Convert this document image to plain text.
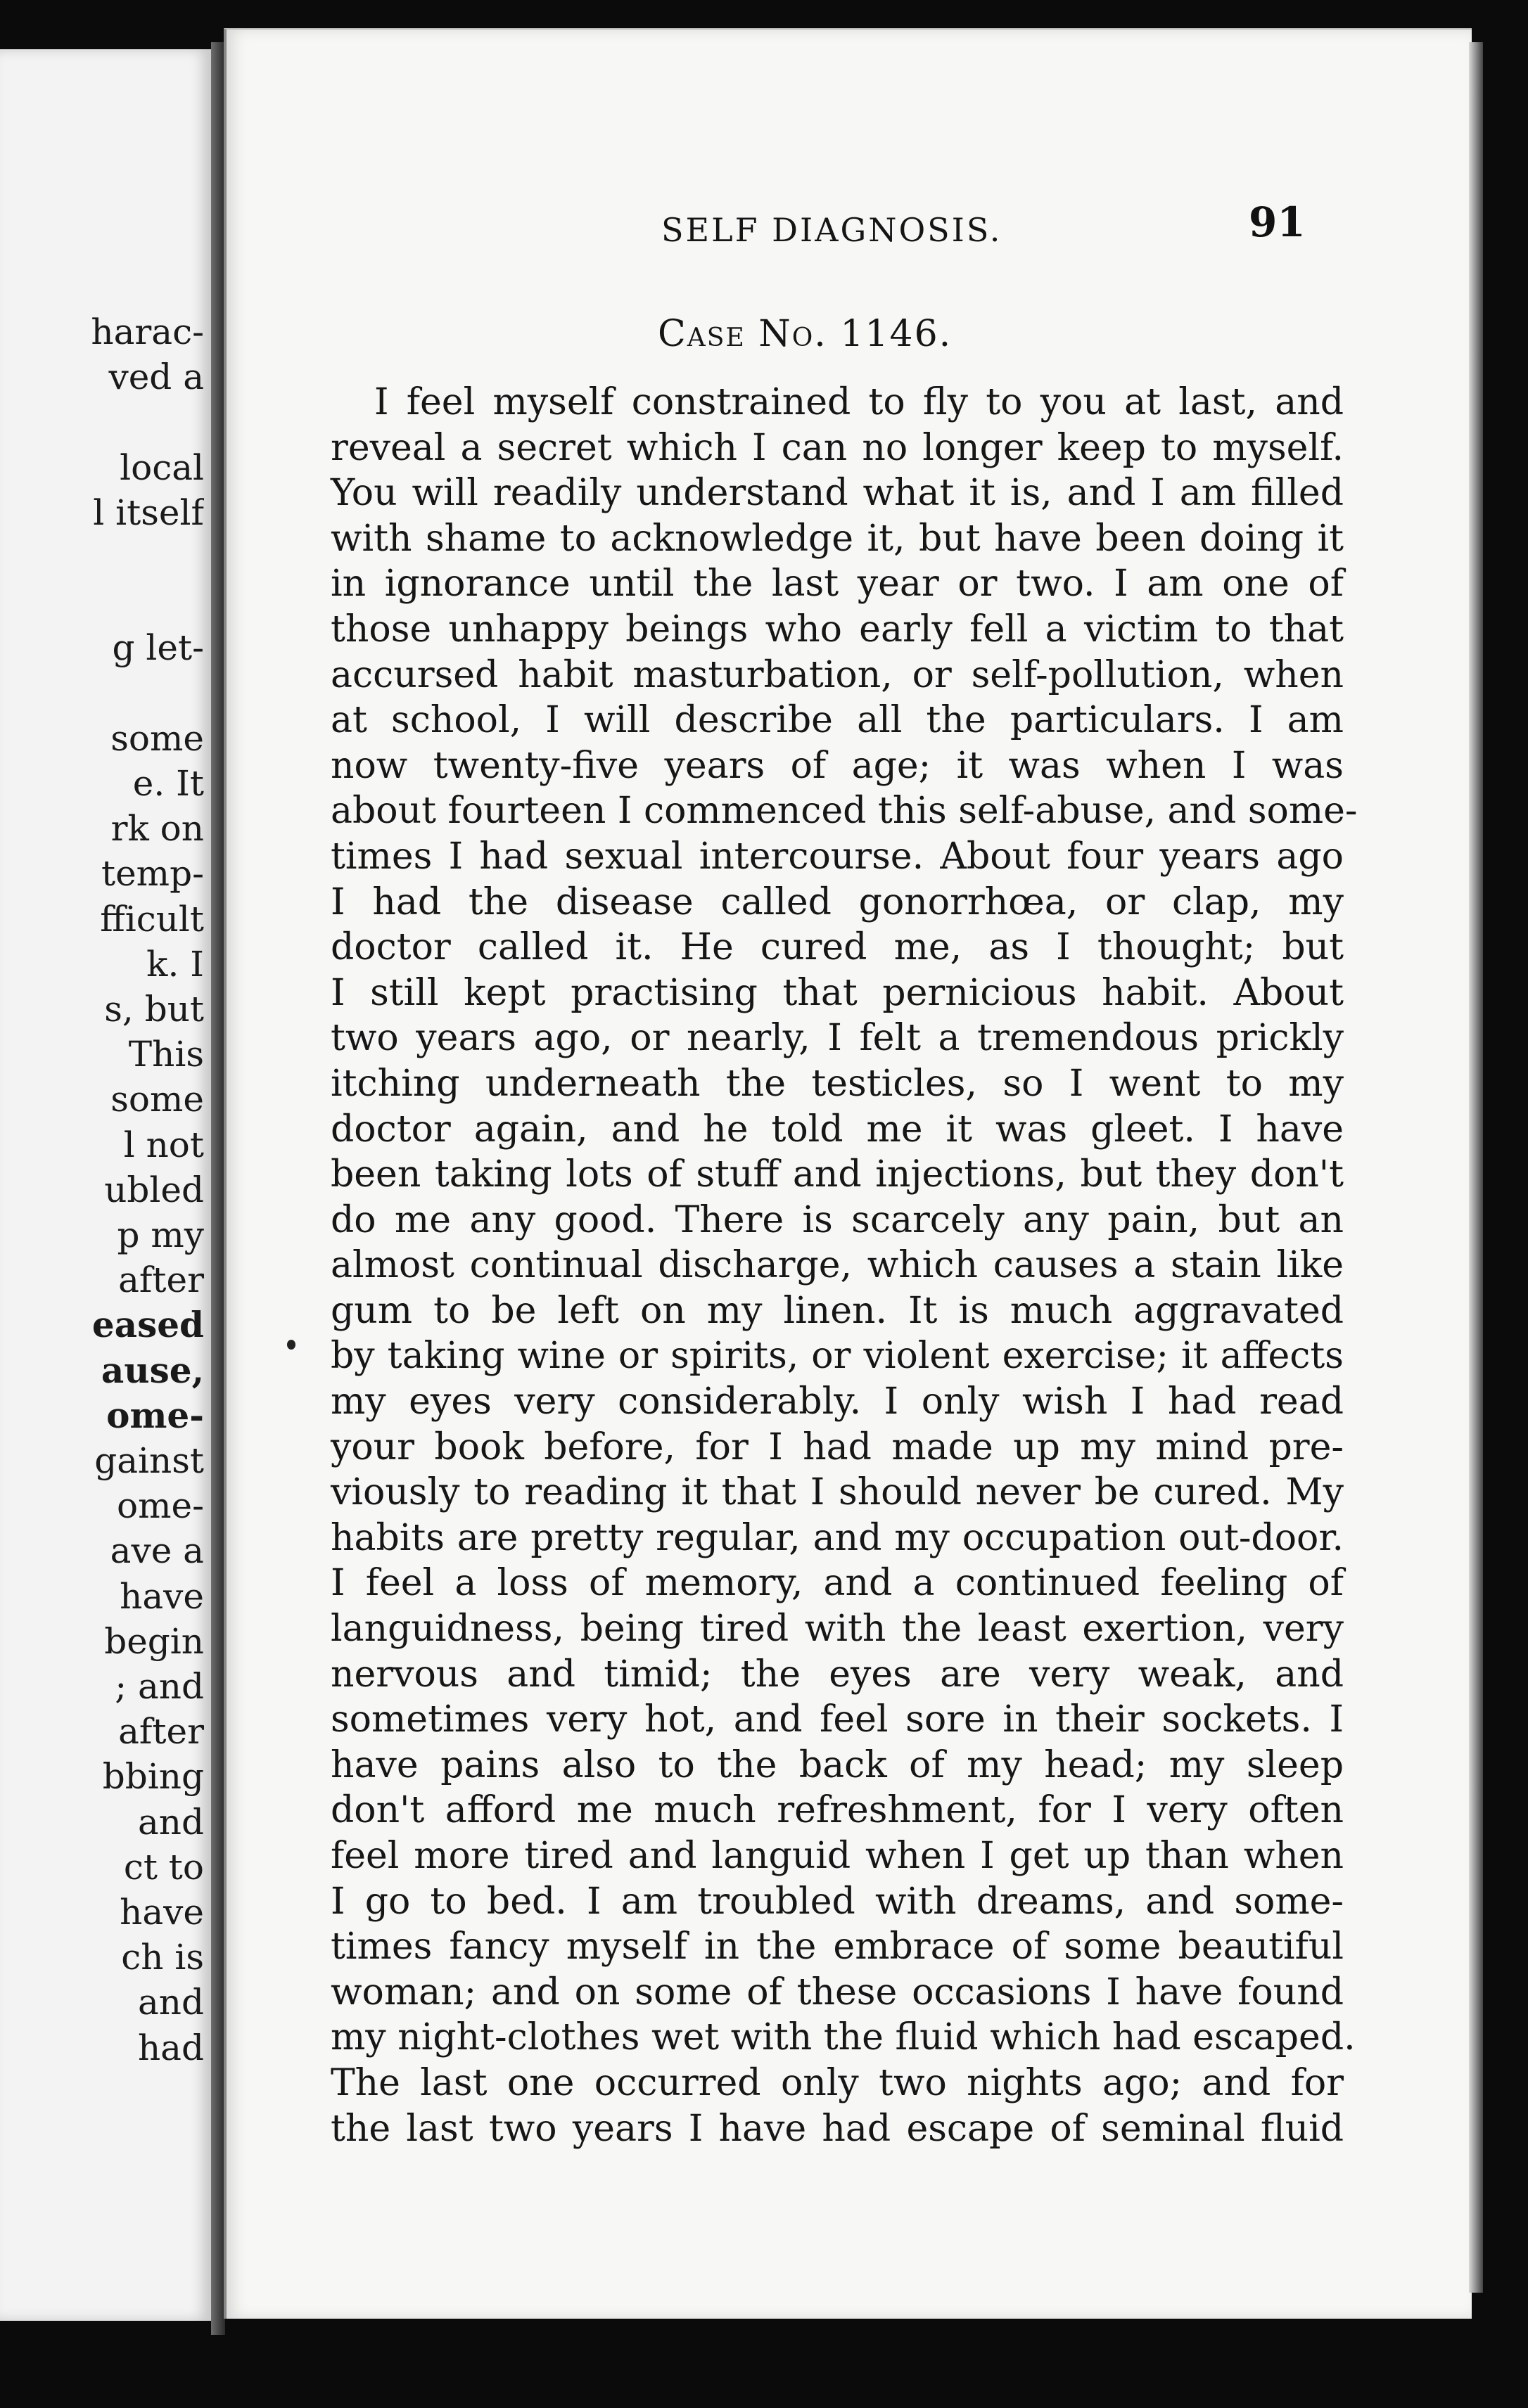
harac-
ved a
local
l itself
g let-
some
e. It
rk on
temp-
fficult
k. I
s, but
This
some
l not
ubled
p my
after
eased
ause,
ome-
gainst
ome-
ave a
have
begin
; and
after
bbing
and
ct to
have
ch is
and
had
SELF DIAGNOSIS.	91
Case No. 1146.
I feel myself constrained to fly to you at last, and
reveal a secret which I can no longer keep to myself.
You will readily understand what it is, and I am filled
with shame to acknowledge it, but have been doing it
in ignorance until the last year or two. I am one of
those unhappy beings who early fell a victim to that
accursed habit masturbation, or self-pollution, when
at school, I will describe all the particulars. I am
now twenty-five years of age; it was when I was
about fourteen I commenced this self-abuse, and some-
times I had sexual intercourse. About four years ago
I had the disease called gonorrhœa, or clap, my
doctor called it. He cured me, as I thought; but
I still kept practising that pernicious habit. About
two years ago, or nearly, I felt a tremendous prickly
itching underneath the testicles, so I went to my
doctor again, and he told me it was gleet. I have
been taking lots of stuff and injections, but they don't
do me any good. There is scarcely any pain, but an
almost continual discharge, which causes a stain like
gum to be left on my linen. It is much aggravated
by taking wine or spirits, or violent exercise; it affects
my eyes very considerably. I only wish I had read
your book before, for I had made up my mind pre-
viously to reading it that I should never be cured. My
habits are pretty regular, and my occupation out-door.
I feel a loss of memory, and a continued feeling of
languidness, being tired with the least exertion, very
nervous and timid; the eyes are very weak, and
sometimes very hot, and feel sore in their sockets. I
have pains also to the back of my head; my sleep
don't afford me much refreshment, for I very often
feel more tired and languid when I get up than when
I go to bed. I am troubled with dreams, and some-
times fancy myself in the embrace of some beautiful
woman; and on some of these occasions I have found
my night-clothes wet with the fluid which had escaped.
The last one occurred only two nights ago; and for
the last two years I have had escape of seminal fluid
